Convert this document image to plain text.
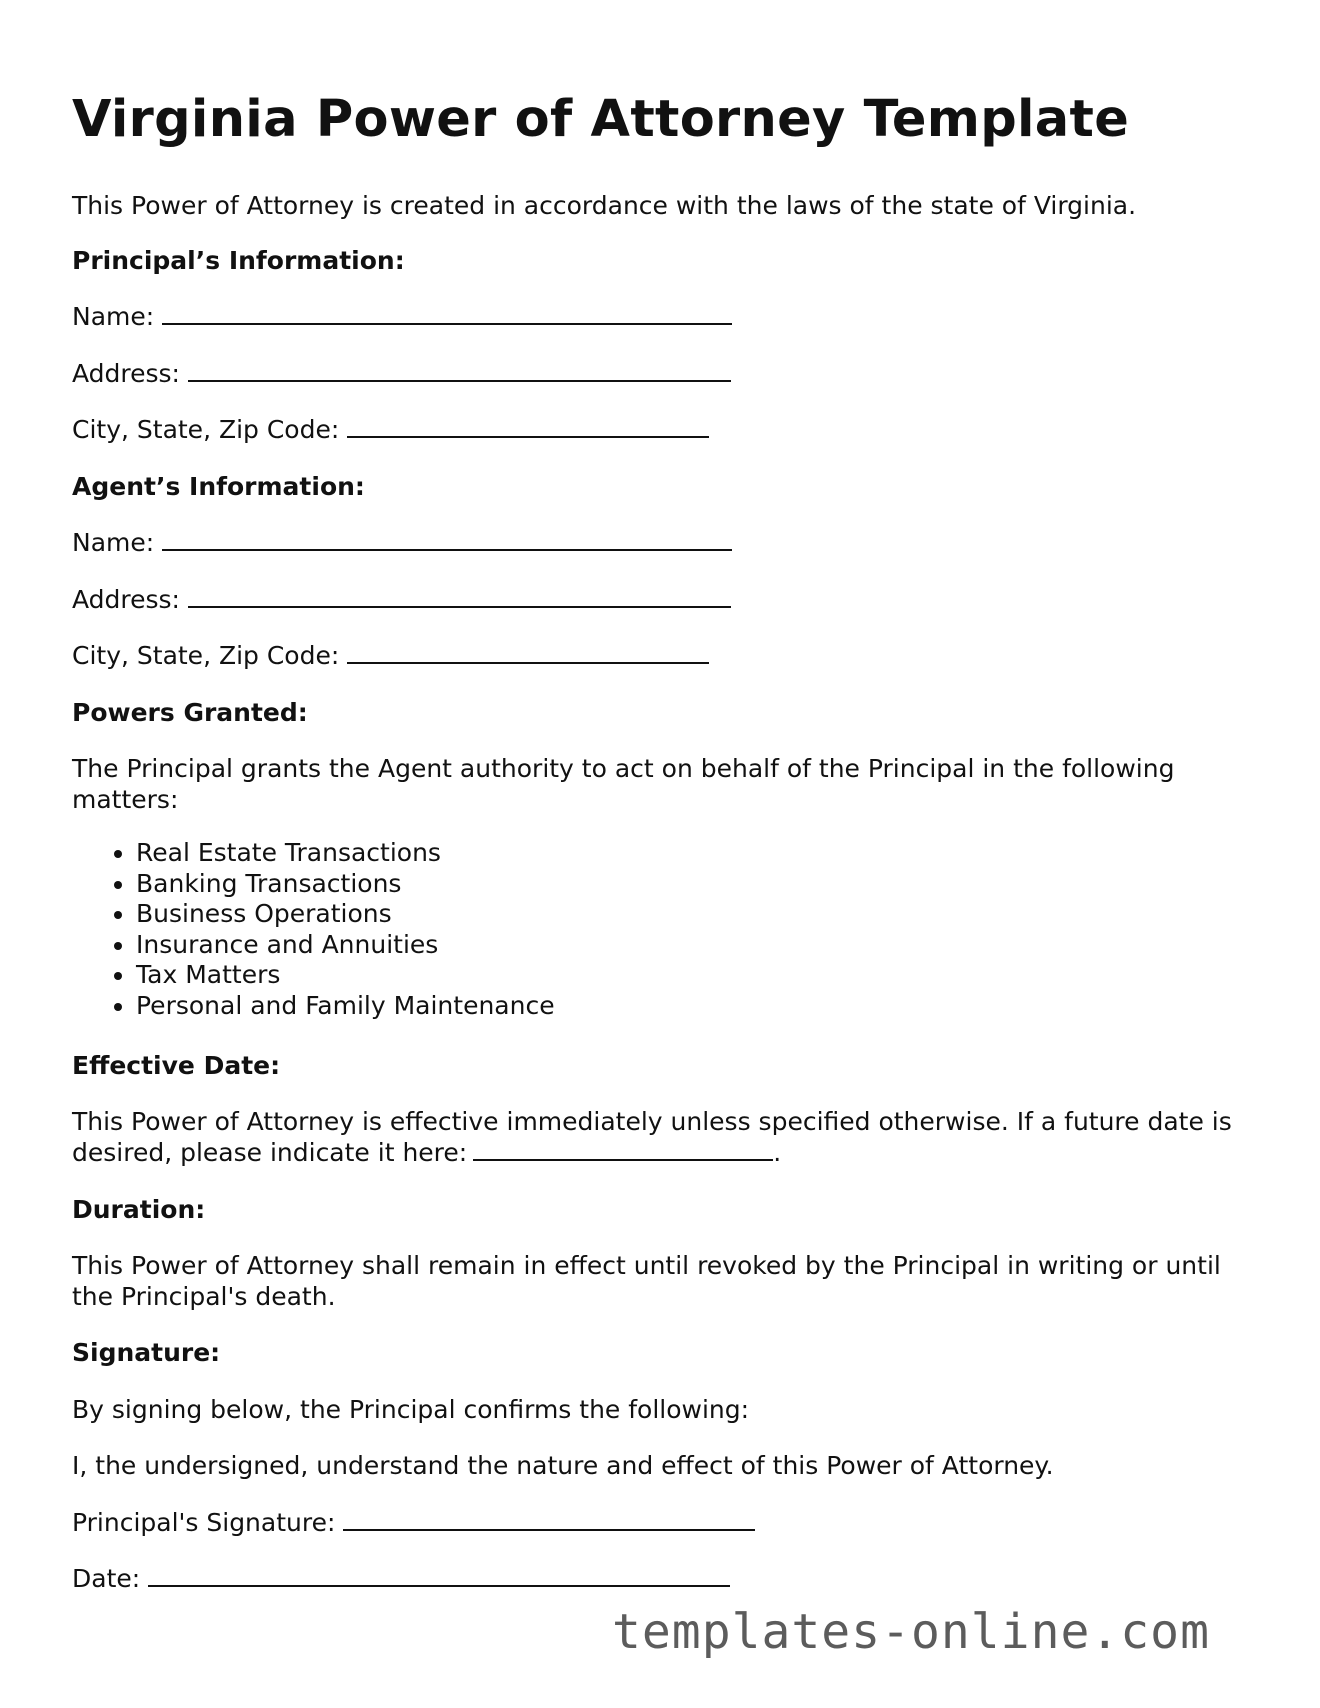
Virginia Power of Attorney Template
This Power of Attorney is created in accordance with the laws of the state of Virginia.
Principal’s Information:
Name:
Address:
City, State, Zip Code:
Agent’s Information:
Name:
Address:
City, State, Zip Code:
Powers Granted:
The Principal grants the Agent authority to act on behalf of the Principal in the following matters:
• Real Estate Transactions
• Banking Transactions
• Business Operations
• Insurance and Annuities
• Tax Matters
• Personal and Family Maintenance
Effective Date:
This Power of Attorney is effective immediately unless specified otherwise. If a future date is desired, please indicate it here:	.
Duration:
This Power of Attorney shall remain in effect until revoked by the Principal in writing or until the Principal's death.
Signature:
By signing below, the Principal confirms the following:
I, the undersigned, understand the nature and effect of this Power of Attorney.
Principal's Signature:
Date:
templates-online.com
